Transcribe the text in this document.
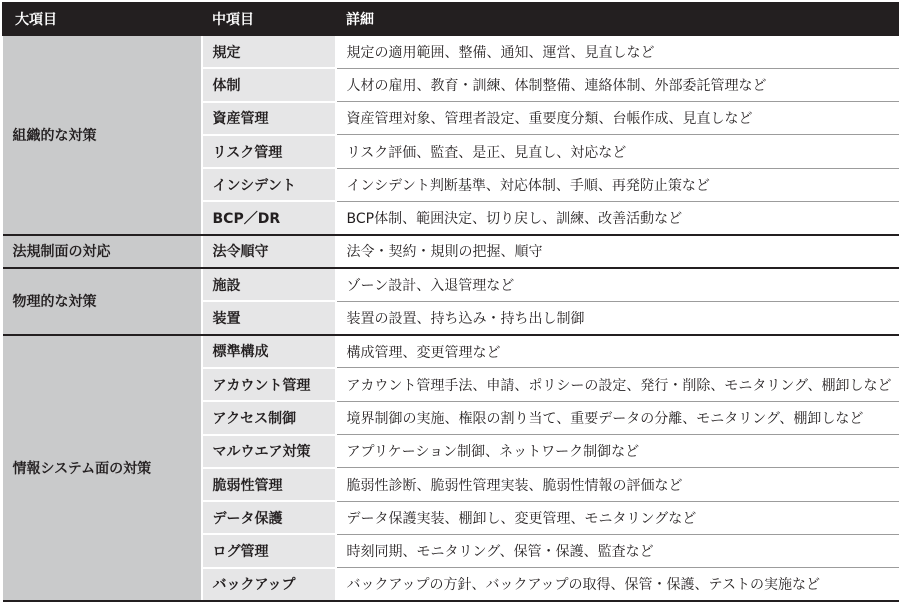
大項目	中項目	詳細
組織的な対策	規定	規定の適用範囲、整備、通知、運営、見直しなど
	体制	人材の雇用、教育・訓練、体制整備、連絡体制、外部委託管理など
	資産管理	資産管理対象、管理者設定、重要度分類、台帳作成、見直しなど
	リスク管理	リスク評価、監査、是正、見直し、対応など
	インシデント	インシデント判断基準、対応体制、手順、再発防止策など
	BCP／DR	BCP体制、範囲決定、切り戻し、訓練、改善活動など
法規制面の対応	法令順守	法令・契約・規則の把握、順守
物理的な対策	施設	ゾーン設計、入退管理など
	装置	装置の設置、持ち込み・持ち出し制御
情報システム面の対策	標準構成	構成管理、変更管理など
	アカウント管理	アカウント管理手法、申請、ポリシーの設定、発行・削除、モニタリング、棚卸しなど
	アクセス制御	境界制御の実施、権限の割り当て、重要データの分離、モニタリング、棚卸しなど
	マルウエア対策	アプリケーション制御、ネットワーク制御など
	脆弱性管理	脆弱性診断、脆弱性管理実装、脆弱性情報の評価など
	データ保護	データ保護実装、棚卸し、変更管理、モニタリングなど
	ログ管理	時刻同期、モニタリング、保管・保護、監査など
	バックアップ	バックアップの方針、バックアップの取得、保管・保護、テストの実施など
